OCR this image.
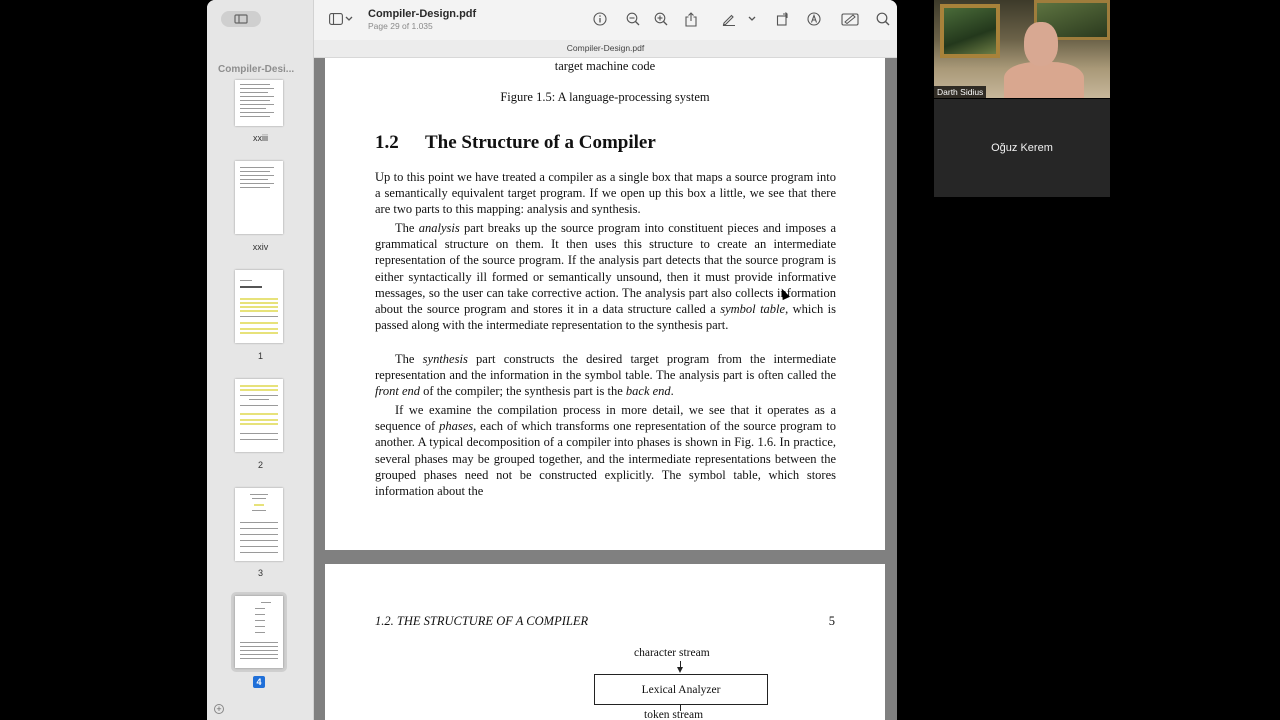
Compiler-Desi...
xxiii
xxiv
1
2
3
4
+
Compiler-Design.pdf
Page 29 of 1.035
Compiler-Design.pdf
target machine code
Figure 1.5: A language-processing system
1.2 The Structure of a Compiler
Up to this point we have treated a compiler as a single box that maps a source program into a semantically equivalent target program. If we open up this box a little, we see that there are two parts to this mapping: analysis and synthesis.
The analysis part breaks up the source program into constituent pieces and imposes a grammatical structure on them. It then uses this structure to create an intermediate representation of the source program. If the analysis part detects that the source program is either syntactically ill formed or semantically unsound, then it must provide informative messages, so the user can take corrective action. The analysis part also collects information about the source program and stores it in a data structure called a symbol table, which is passed along with the intermediate representation to the synthesis part.
The synthesis part constructs the desired target program from the intermediate representation and the information in the symbol table. The analysis part is often called the front end of the compiler; the synthesis part is the back end.
If we examine the compilation process in more detail, we see that it operates as a sequence of phases, each of which transforms one representation of the source program to another. A typical decomposition of a compiler into phases is shown in Fig. 1.6. In practice, several phases may be grouped together, and the intermediate representations between the grouped phases need not be constructed explicitly. The symbol table, which stores information about the
1.2. THE STRUCTURE OF A COMPILER	5
character stream
Lexical Analyzer
token stream
Darth Sidius
Oğuz Kerem
